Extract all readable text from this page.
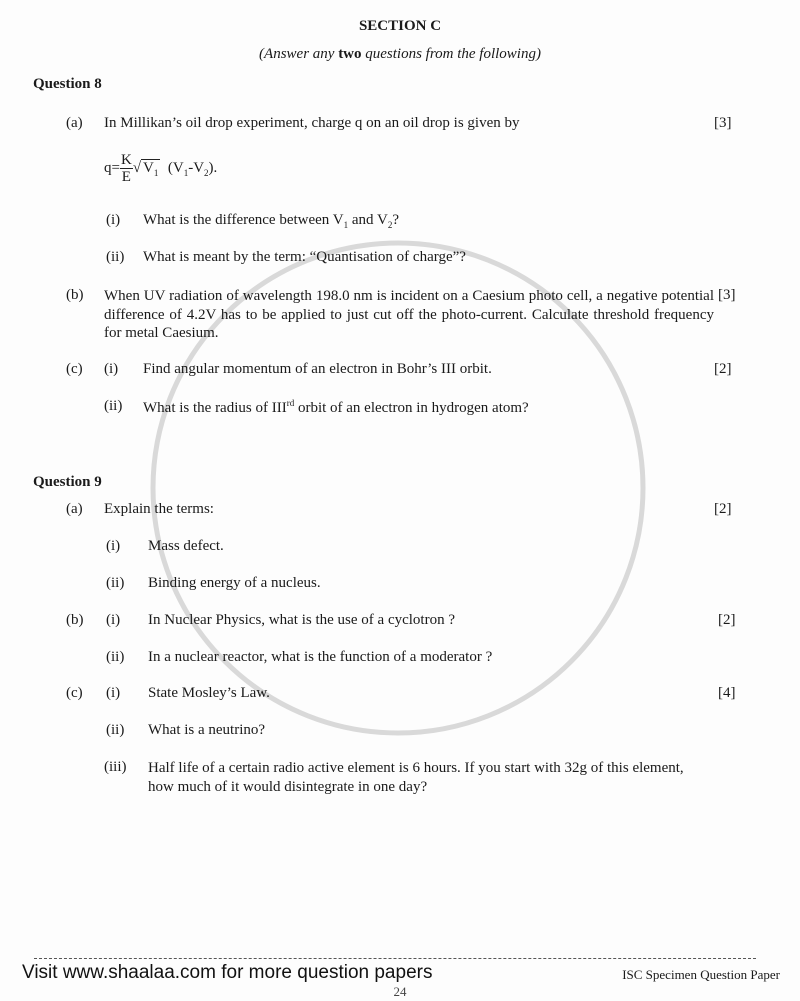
SECTION C
(Answer any two questions from the following)
Question 8
(a) In Millikan’s oil drop experiment, charge q on an oil drop is given by	[3]
$q= \frac{K}{E}$ √ $V_1$ $(V_1-V_2)$.
(i) What is the difference between $V_1$ and $V_2$?
(ii) What is meant by the term: “Quantisation of charge”?
(b) When UV radiation of wavelength 198.0 nm is incident on a Caesium photo cell, a negative potential difference of 4.2V has to be applied to just cut off the photo-current. Calculate threshold frequency for metal Caesium.
[3]
(c) (i) Find angular momentum of an electron in Bohr’s III orbit.	[2]
(ii) What is the radius of IIIrd orbit of an electron in hydrogen atom?
Question 9
(a) Explain the terms:	[2]
(i) Mass defect.
(ii) Binding energy of a nucleus.
(b) (i) In Nuclear Physics, what is the use of a cyclotron ?	[2]
(ii) In a nuclear reactor, what is the function of a moderator ?
(c) (i) State Mosley’s Law.	[4]
(ii) What is a neutrino?
(iii) Half life of a certain radio active element is 6 hours. If you start with 32g of this element, how much of it would disintegrate in one day?
Visit www.shaalaa.com for more question papers
24
ISC Specimen Question Paper
